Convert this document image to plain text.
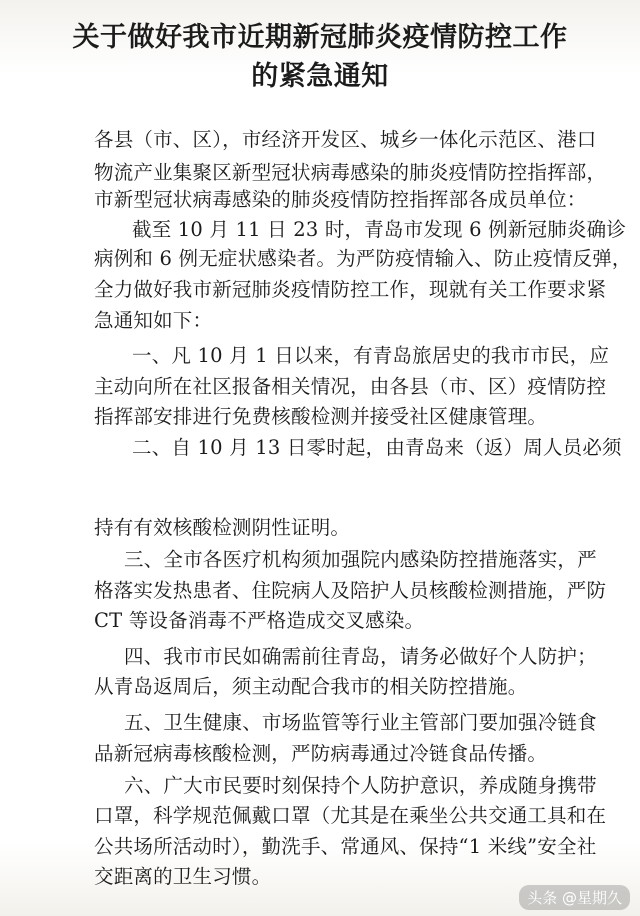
关于做好我市近期新冠肺炎疫情防控工作
的紧急通知
各县（市、区），市经济开发区、城乡一体化示范区、港口
物流产业集聚区新型冠状病毒感染的肺炎疫情防控指挥部，
市新型冠状病毒感染的肺炎疫情防控指挥部各成员单位：
截至 10 月 11 日 23 时，青岛市发现 6 例新冠肺炎确诊
病例和 6 例无症状感染者。为严防疫情输入、防止疫情反弹，
全力做好我市新冠肺炎疫情防控工作，现就有关工作要求紧
急通知如下：
一、凡 10 月 1 日以来，有青岛旅居史的我市市民，应
主动向所在社区报备相关情况，由各县（市、区）疫情防控
指挥部安排进行免费核酸检测并接受社区健康管理。
二、自 10 月 13 日零时起，由青岛来（返）周人员必须
持有有效核酸检测阴性证明。
三、全市各医疗机构须加强院内感染防控措施落实，严
格落实发热患者、住院病人及陪护人员核酸检测措施，严防
CT 等设备消毒不严格造成交叉感染。
四、我市市民如确需前往青岛，请务必做好个人防护；
从青岛返周后，须主动配合我市的相关防控措施。
五、卫生健康、市场监管等行业主管部门要加强冷链食
品新冠病毒核酸检测，严防病毒通过冷链食品传播。
六、广大市民要时刻保持个人防护意识，养成随身携带
口罩，科学规范佩戴口罩（尤其是在乘坐公共交通工具和在
公共场所活动时），勤洗手、常通风、保持“1 米线”安全社
交距离的卫生习惯。
头条 @星期久
